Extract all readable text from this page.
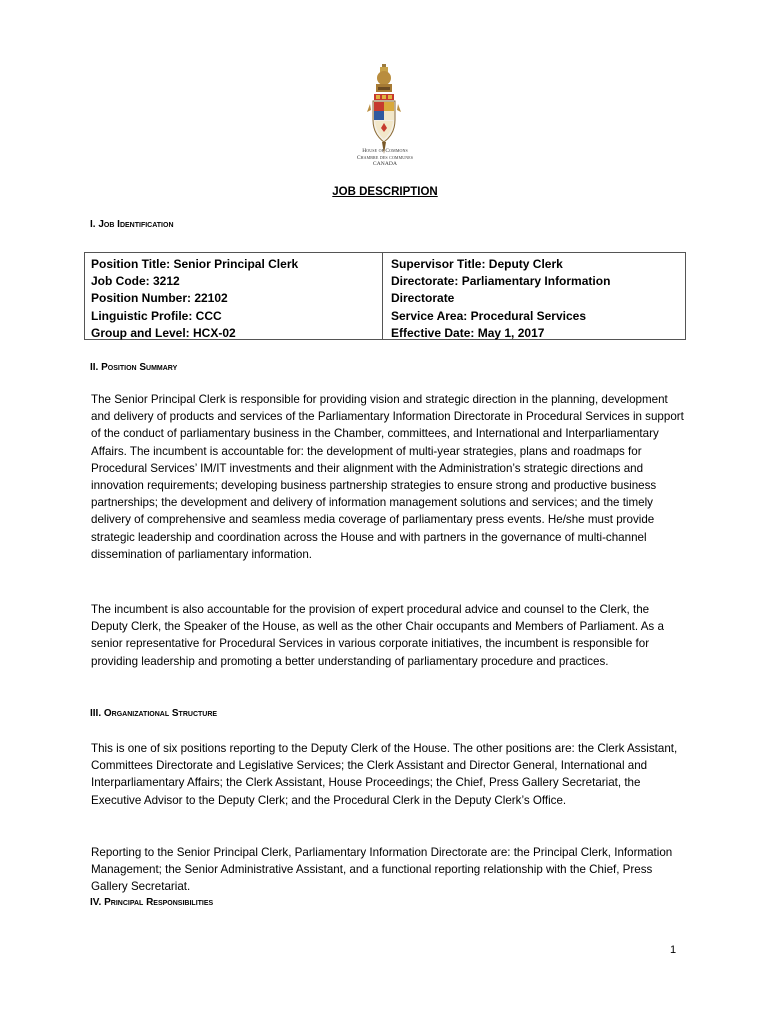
House of Commons
Chambre des communes
CANADA
JOB DESCRIPTION
I. Job Identification
Position Title: Senior Principal Clerk
Job Code: 3212
Position Number: 22102
Linguistic Profile: CCC
Group and Level: HCX-02
Supervisor Title: Deputy Clerk
Directorate: Parliamentary Information
Directorate
Service Area: Procedural Services
Effective Date: May 1, 2017
II. Position Summary
The Senior Principal Clerk is responsible for providing vision and strategic direction in the planning, development and delivery of products and services of the Parliamentary Information Directorate in Procedural Services in support of the conduct of parliamentary business in the Chamber, committees, and International and Interparliamentary Affairs. The incumbent is accountable for: the development of multi-year strategies, plans and roadmaps for Procedural Services’ IM/IT investments and their alignment with the Administration’s strategic directions and innovation requirements; developing business partnership strategies to ensure strong and productive business partnerships; the development and delivery of information management solutions and services; and the timely delivery of comprehensive and seamless media coverage of parliamentary press events. He/she must provide strategic leadership and coordination across the House and with partners in the governance of multi-channel dissemination of parliamentary information.
The incumbent is also accountable for the provision of expert procedural advice and counsel to the Clerk, the Deputy Clerk, the Speaker of the House, as well as the other Chair occupants and Members of Parliament. As a senior representative for Procedural Services in various corporate initiatives, the incumbent is responsible for providing leadership and promoting a better understanding of parliamentary procedure and practices.
III. Organizational Structure
This is one of six positions reporting to the Deputy Clerk of the House. The other positions are: the Clerk Assistant, Committees Directorate and Legislative Services; the Clerk Assistant and Director General, International and Interparliamentary Affairs; the Clerk Assistant, House Proceedings; the Chief, Press Gallery Secretariat, the Executive Advisor to the Deputy Clerk; and the Procedural Clerk in the Deputy Clerk’s Office.
Reporting to the Senior Principal Clerk, Parliamentary Information Directorate are: the Principal Clerk, Information Management; the Senior Administrative Assistant, and a functional reporting relationship with the Chief, Press Gallery Secretariat.
IV. Principal Responsibilities
1
